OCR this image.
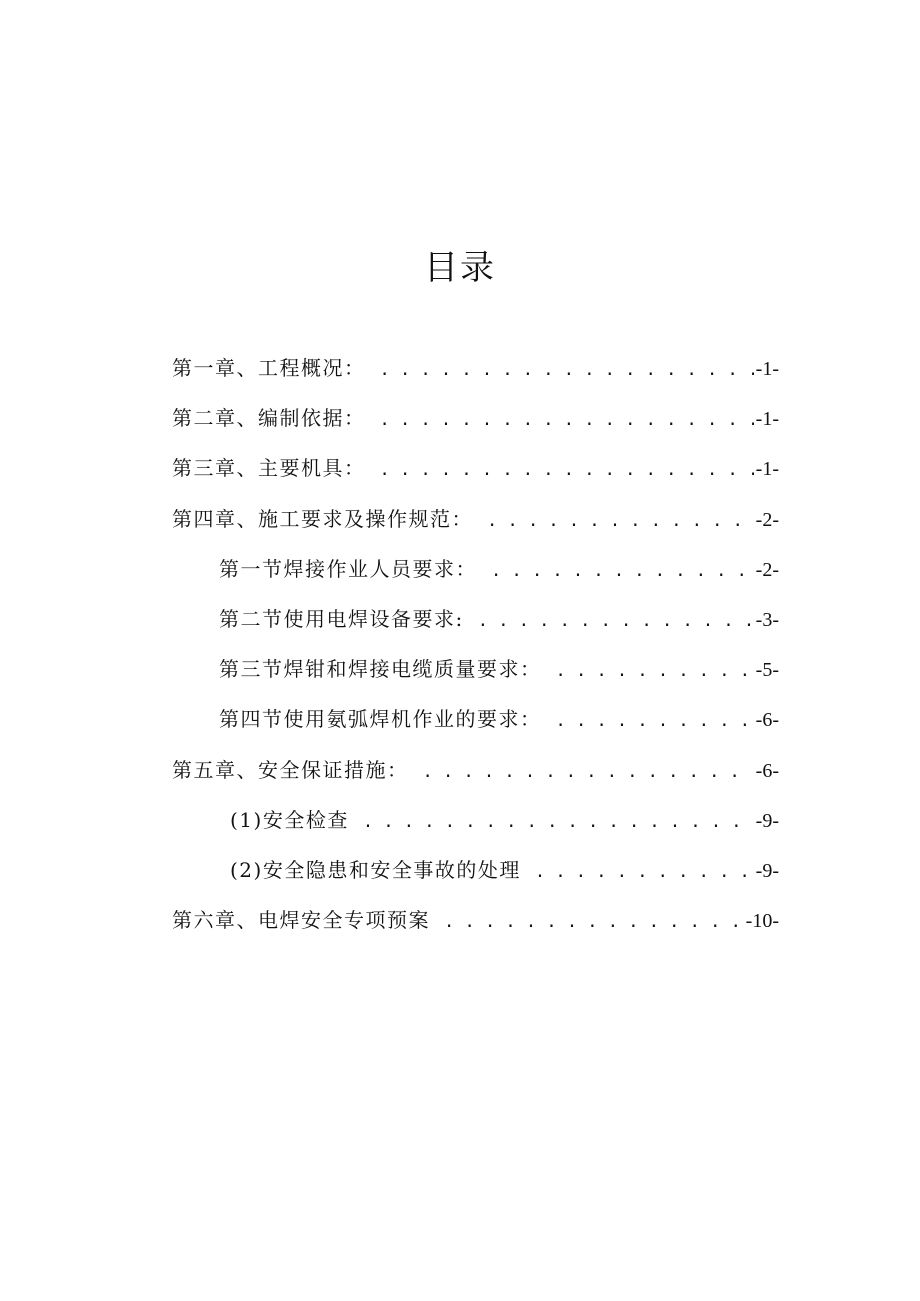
目录
第一章、工程概况： . . .	-1-
第二章、编制依据： . . .	-1-
第三章、主要机具： . . .	-1-
第四章、施工要求及操作规范： . . .	-2-
第一节焊接作业人员要求： . . .	-2-
第二节使用电焊设备要求: . . .	-3-
第三节焊钳和焊接电缆质量要求： . . .	-5-
第四节使用氨弧焊机作业的要求： . . .	-6-
第五章、安全保证措施： . . .	-6-
(1)安全检查 . . .	-9-
(2)安全隐患和安全事故的处理 . . .	-9-
第六章、电焊安全专项预案 . . .	-10-
